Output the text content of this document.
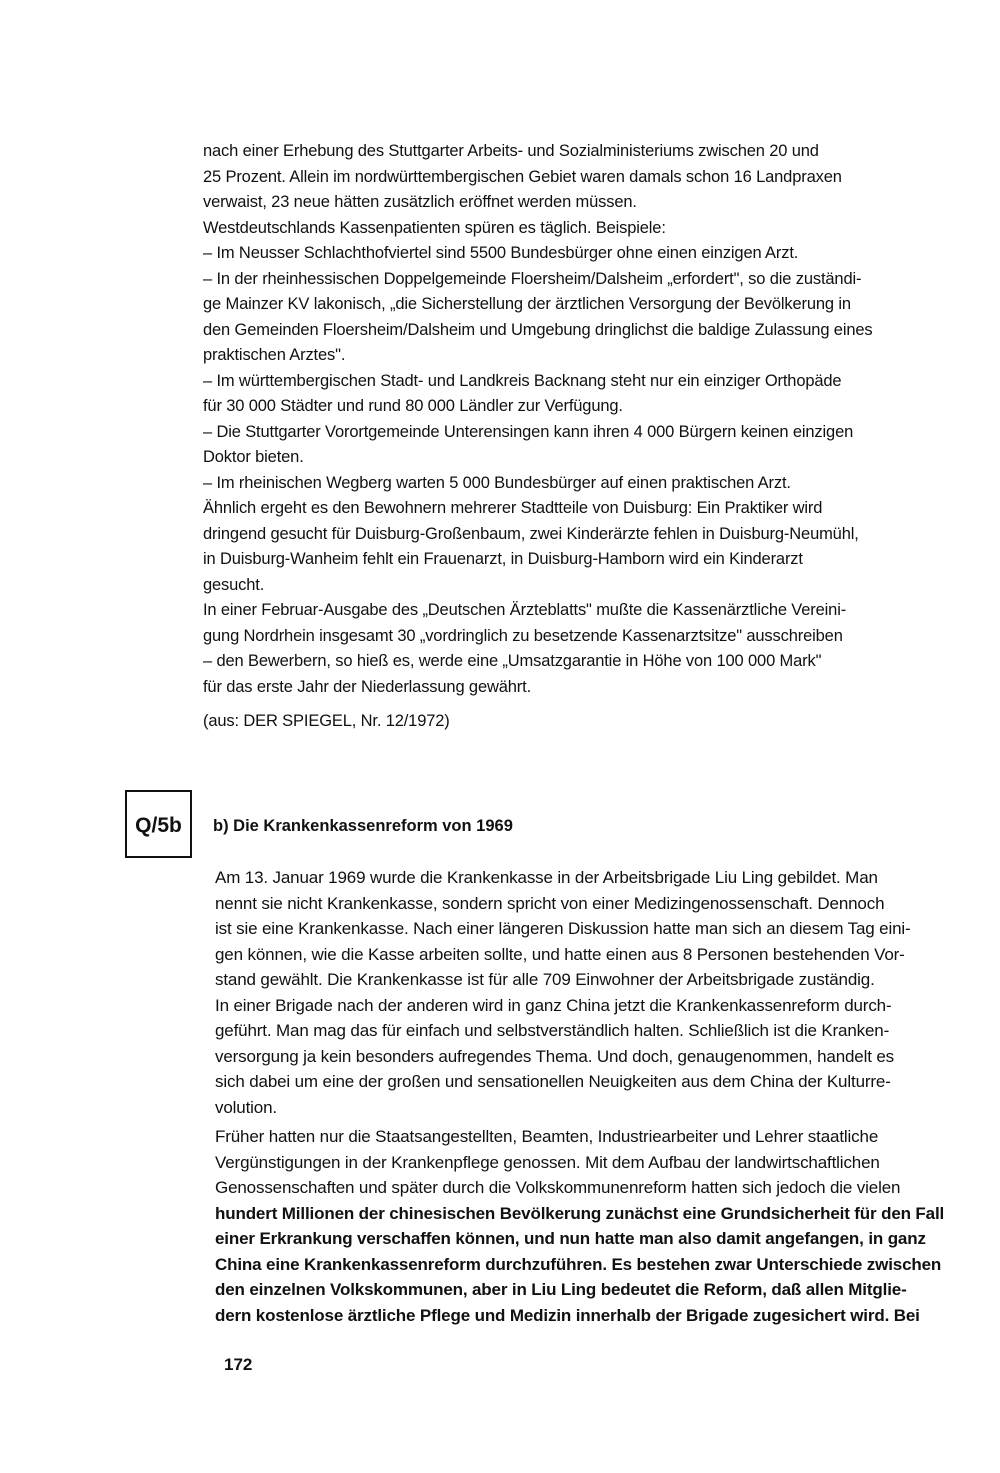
nach einer Erhebung des Stuttgarter Arbeits- und Sozialministeriums zwischen 20 und
25 Prozent. Allein im nordwürttembergischen Gebiet waren damals schon 16 Landpraxen
verwaist, 23 neue hätten zusätzlich eröffnet werden müssen.
Westdeutschlands Kassenpatienten spüren es täglich. Beispiele:
– Im Neusser Schlachthofviertel sind 5500 Bundesbürger ohne einen einzigen Arzt.
– In der rheinhessischen Doppelgemeinde Floersheim/Dalsheim „erfordert", so die zuständi-
ge Mainzer KV lakonisch, „die Sicherstellung der ärztlichen Versorgung der Bevölkerung in
den Gemeinden Floersheim/Dalsheim und Umgebung dringlichst die baldige Zulassung eines
praktischen Arztes".
– Im württembergischen Stadt- und Landkreis Backnang steht nur ein einziger Orthopäde
für 30 000 Städter und rund 80 000 Ländler zur Verfügung.
– Die Stuttgarter Vorortgemeinde Unterensingen kann ihren 4 000 Bürgern keinen einzigen
Doktor bieten.
– Im rheinischen Wegberg warten 5 000 Bundesbürger auf einen praktischen Arzt.
Ähnlich ergeht es den Bewohnern mehrerer Stadtteile von Duisburg: Ein Praktiker wird
dringend gesucht für Duisburg-Großenbaum, zwei Kinderärzte fehlen in Duisburg-Neumühl,
in Duisburg-Wanheim fehlt ein Frauenarzt, in Duisburg-Hamborn wird ein Kinderarzt
gesucht.
In einer Februar-Ausgabe des „Deutschen Ärzteblatts" mußte die Kassenärztliche Vereini-
gung Nordrhein insgesamt 30 „vordringlich zu besetzende Kassenarztsitze" ausschreiben
– den Bewerbern, so hieß es, werde eine „Umsatzgarantie in Höhe von 100 000 Mark"
für das erste Jahr der Niederlassung gewährt.
(aus: DER SPIEGEL, Nr. 12/1972)
Q/5b	b) Die Krankenkassenreform von 1969
Am 13. Januar 1969 wurde die Krankenkasse in der Arbeitsbrigade Liu Ling gebildet. Man
nennt sie nicht Krankenkasse, sondern spricht von einer Medizingenossenschaft. Dennoch
ist sie eine Krankenkasse. Nach einer längeren Diskussion hatte man sich an diesem Tag eini-
gen können, wie die Kasse arbeiten sollte, und hatte einen aus 8 Personen bestehenden Vor-
stand gewählt. Die Krankenkasse ist für alle 709 Einwohner der Arbeitsbrigade zuständig.
In einer Brigade nach der anderen wird in ganz China jetzt die Krankenkassenreform durch-
geführt. Man mag das für einfach und selbstverständlich halten. Schließlich ist die Kranken-
versorgung ja kein besonders aufregendes Thema. Und doch, genaugenommen, handelt es
sich dabei um eine der großen und sensationellen Neuigkeiten aus dem China der Kulturre-
volution.
Früher hatten nur die Staatsangestellten, Beamten, Industriearbeiter und Lehrer staatliche
Vergünstigungen in der Krankenpflege genossen. Mit dem Aufbau der landwirtschaftlichen
Genossenschaften und später durch die Volkskommunenreform hatten sich jedoch die vielen
hundert Millionen der chinesischen Bevölkerung zunächst eine Grundsicherheit für den Fall
einer Erkrankung verschaffen können, und nun hatte man also damit angefangen, in ganz
China eine Krankenkassenreform durchzuführen. Es bestehen zwar Unterschiede zwischen
den einzelnen Volkskommunen, aber in Liu Ling bedeutet die Reform, daß allen Mitglie-
dern kostenlose ärztliche Pflege und Medizin innerhalb der Brigade zugesichert wird. Bei
172
